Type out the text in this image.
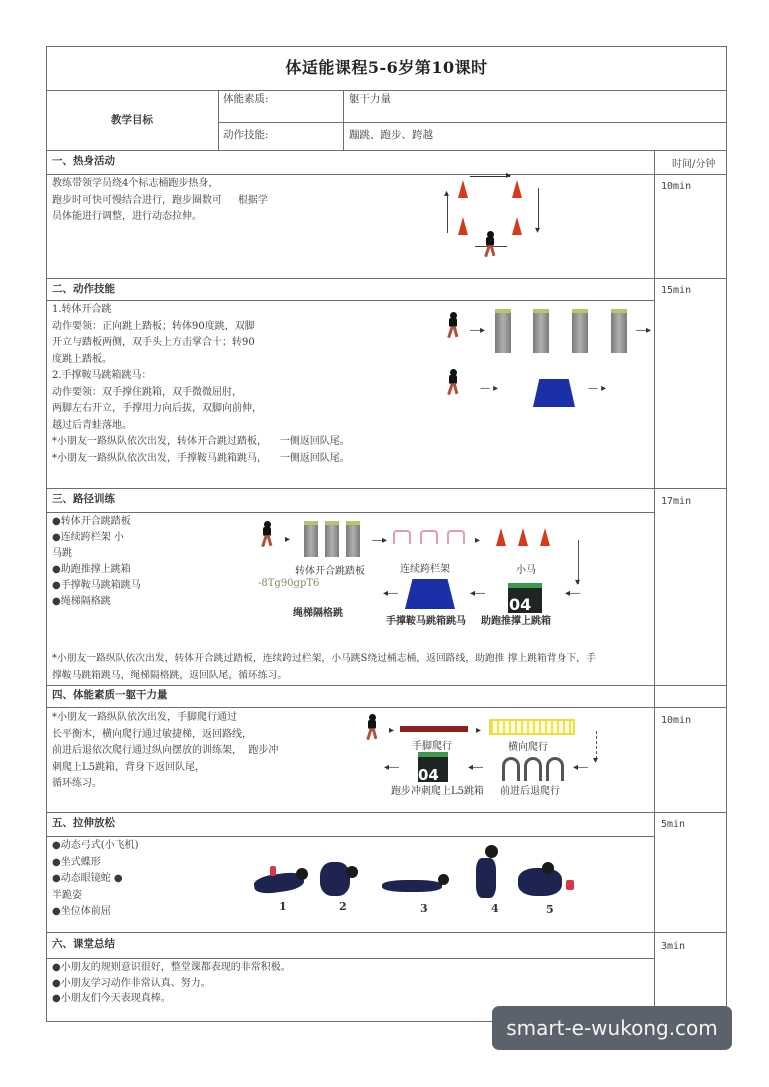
体适能课程5-6岁第10课时
教学目标
体能素质:	躯干力量
动作技能:	蹦跳、跑步、跨越
一、热身活动	时间/分钟
10min
教练带领学员绕4个标志桶跑步热身，
跑步时可快可慢结合进行，跑步圈数可     根据学
员体能进行调整，进行动态拉伸。
▸
▴
▾
二、动作技能	15min
1.转体开合跳
动作要领：正向跳上踏板；转体90度跳，双脚
开立与踏板两侧，双手头上方击掌合十；转90
度跳上踏板。
2.手撑鞍马跳箱跳马：
动作要领：双手撑住跳箱，双手微微屈肘，
两脚左右开立，手撑用力向后拔，双脚向前伸，
越过后青蛙落地。
*小朋友一路纵队依次出发，转体开合跳过踏板，    一侧返回队尾。
*小朋友一路纵队依次出发，手撑鞍马跳箱跳马，    一侧返回队尾。
―▸	―▸
— ▸	— ▸
三、路径训练	17min
●转体开合跳踏板
●连续跨栏架 小
马跳
●助跑推撑上跳箱
●手撑鞍马跳箱跳马
●绳梯隔格跳
▸
转体开合跳踏板
―▸
连续跨栏架
▸
小马
▾
-8Tg90gpT6
◂―
04
◂―
◂―
绳梯隔格跳
手撑鞍马跳箱跳马 助跑推撑上跳箱
*小朋友一路纵队依次出发，转体开合跳过踏板，连续跨过栏架，小马跳S绕过桶志桶，返回路线，助跑推 撑上跳箱背身下，手
撑鞍马跳箱跳马，绳梯隔格跳，返回队尾，循环练习。
四、体能素质一躯干力量
10min
*小朋友一路纵队依次出发，手脚爬行通过
长平衡木，横向爬行通过敏捷梯，返回路线，
前进后退依次爬行通过纵向摆放的训练架，  跑步冲
刺爬上L5跳箱，背身下返回队尾，
循环练习。
▸
手脚爬行
▸
横向爬行
▾
◂―
◂―
04
◂―
跑步冲刺爬上L5跳箱 前进后退爬行
五、拉伸放松	5min
●动态弓式(小飞机)
●坐式蝶形
●动态眼镜蛇 ●
半跪姿
●坐位体前屈	1	2	3	4	5
六、课堂总结	3min
●小朋友的规则意识很好，整堂课都表现的非常积极。
●小朋友学习动作非常认真、努力。
●小朋友们今天表现真棒。
smart-e-wukong.com
